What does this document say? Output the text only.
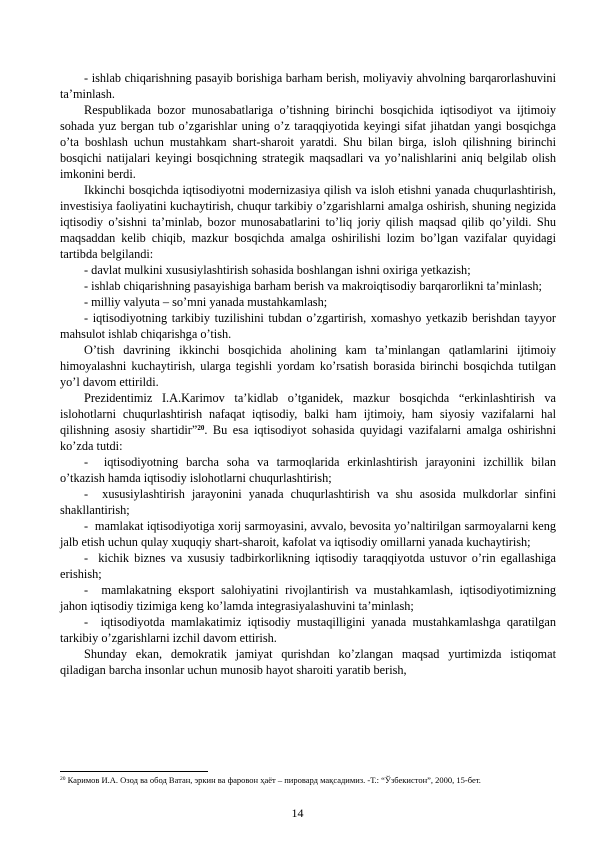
- ishlab chiqarishning pasayib borishiga barham berish, moliyaviy ahvolning barqarorlashuvini ta’minlash.

Respublikada bozor munosabatlariga o’tishning birinchi bosqichida iqtisodiyot va ijtimoiy sohada yuz bergan tub o’zgarishlar uning o’z taraqqiyotida keyingi sifat jihatdan yangi bosqichga o’ta boshlash uchun mustahkam shart-sharoit yaratdi. Shu bilan birga, isloh qilishning birinchi bosqichi natijalari keyingi bosqichning strategik maqsadlari va yo’nalishlarini aniq belgilab olish imkonini berdi.

Ikkinchi bosqichda iqtisodiyotni modernizasiya qilish va isloh etishni yanada chuqurlashtirish, investisiya faoliyatini kuchaytirish, chuqur tarkibiy o’zgarishlarni amalga oshirish, shuning negizida iqtisodiy o’sishni ta’minlab, bozor munosabatlarini to’liq joriy qilish maqsad qilib qo’yildi. Shu maqsaddan kelib chiqib, mazkur bosqichda amalga oshirilishi lozim bo’lgan vazifalar quyidagi tartibda belgilandi:

- davlat mulkini xususiylashtirish sohasida boshlangan ishni oxiriga yetkazish;

- ishlab chiqarishning pasayishiga barham berish va makroiqtisodiy barqarorlikni ta’minlash;

- milliy valyuta – so’mni yanada mustahkamlash;

- iqtisodiyotning tarkibiy tuzilishini tubdan o’zgartirish, xomashyo yetkazib berishdan tayyor mahsulot ishlab chiqarishga o’tish.

O’tish davrining ikkinchi bosqichida aholining kam ta’minlangan qatlamlarini ijtimoiy himoyalashni kuchaytirish, ularga tegishli yordam ko’rsatish borasida birinchi bosqichda tutilgan yo’l davom ettirildi.

Prezidentimiz I.A.Karimov ta’kidlab o’tganidek, mazkur bosqichda “erkinlashtirish va islohotlarni chuqurlashtirish nafaqat iqtisodiy, balki ham ijtimoiy, ham siyosiy vazifalarni hal qilishning asosiy shartidir”$^{20}$. Bu esa iqtisodiyot sohasida quyidagi vazifalarni amalga oshirishni ko’zda tutdi:

-  iqtisodiyotning barcha soha va tarmoqlarida erkinlashtirish jarayonini izchillik bilan o’tkazish hamda iqtisodiy islohotlarni chuqurlashtirish;

-  xususiylashtirish jarayonini yanada chuqurlashtirish va shu asosida mulkdorlar sinfini shakllantirish;

-  mamlakat iqtisodiyotiga xorij sarmoyasini, avvalo, bevosita yo’naltirilgan sarmoyalarni keng jalb etish uchun qulay xuquqiy shart-sharoit, kafolat va iqtisodiy omillarni yanada kuchaytirish;

-  kichik biznes va xususiy tadbirkorlikning iqtisodiy taraqqiyotda ustuvor o’rin egallashiga erishish;

-  mamlakatning eksport salohiyatini rivojlantirish va mustahkamlash, iqtisodiyotimizning jahon iqtisodiy tizimiga keng ko’lamda integrasiyalashuvini ta’minlash;

-  iqtisodiyotda mamlakatimiz iqtisodiy mustaqilligini yanada mustahkamlashga qaratilgan tarkibiy o’zgarishlarni izchil davom ettirish.

Shunday ekan, demokratik jamiyat qurishdan ko’zlangan maqsad yurtimizda istiqomat qiladigan barcha insonlar uchun munosib hayot sharoiti yaratib berish,

$^{20}$ Каримов И.А. Озод ва обод Ватан, эркин ва фаровон ҳаёт – пировард мақсадимиз. -Т.: “Ўзбекистон”, 2000, 15-бет.
14
